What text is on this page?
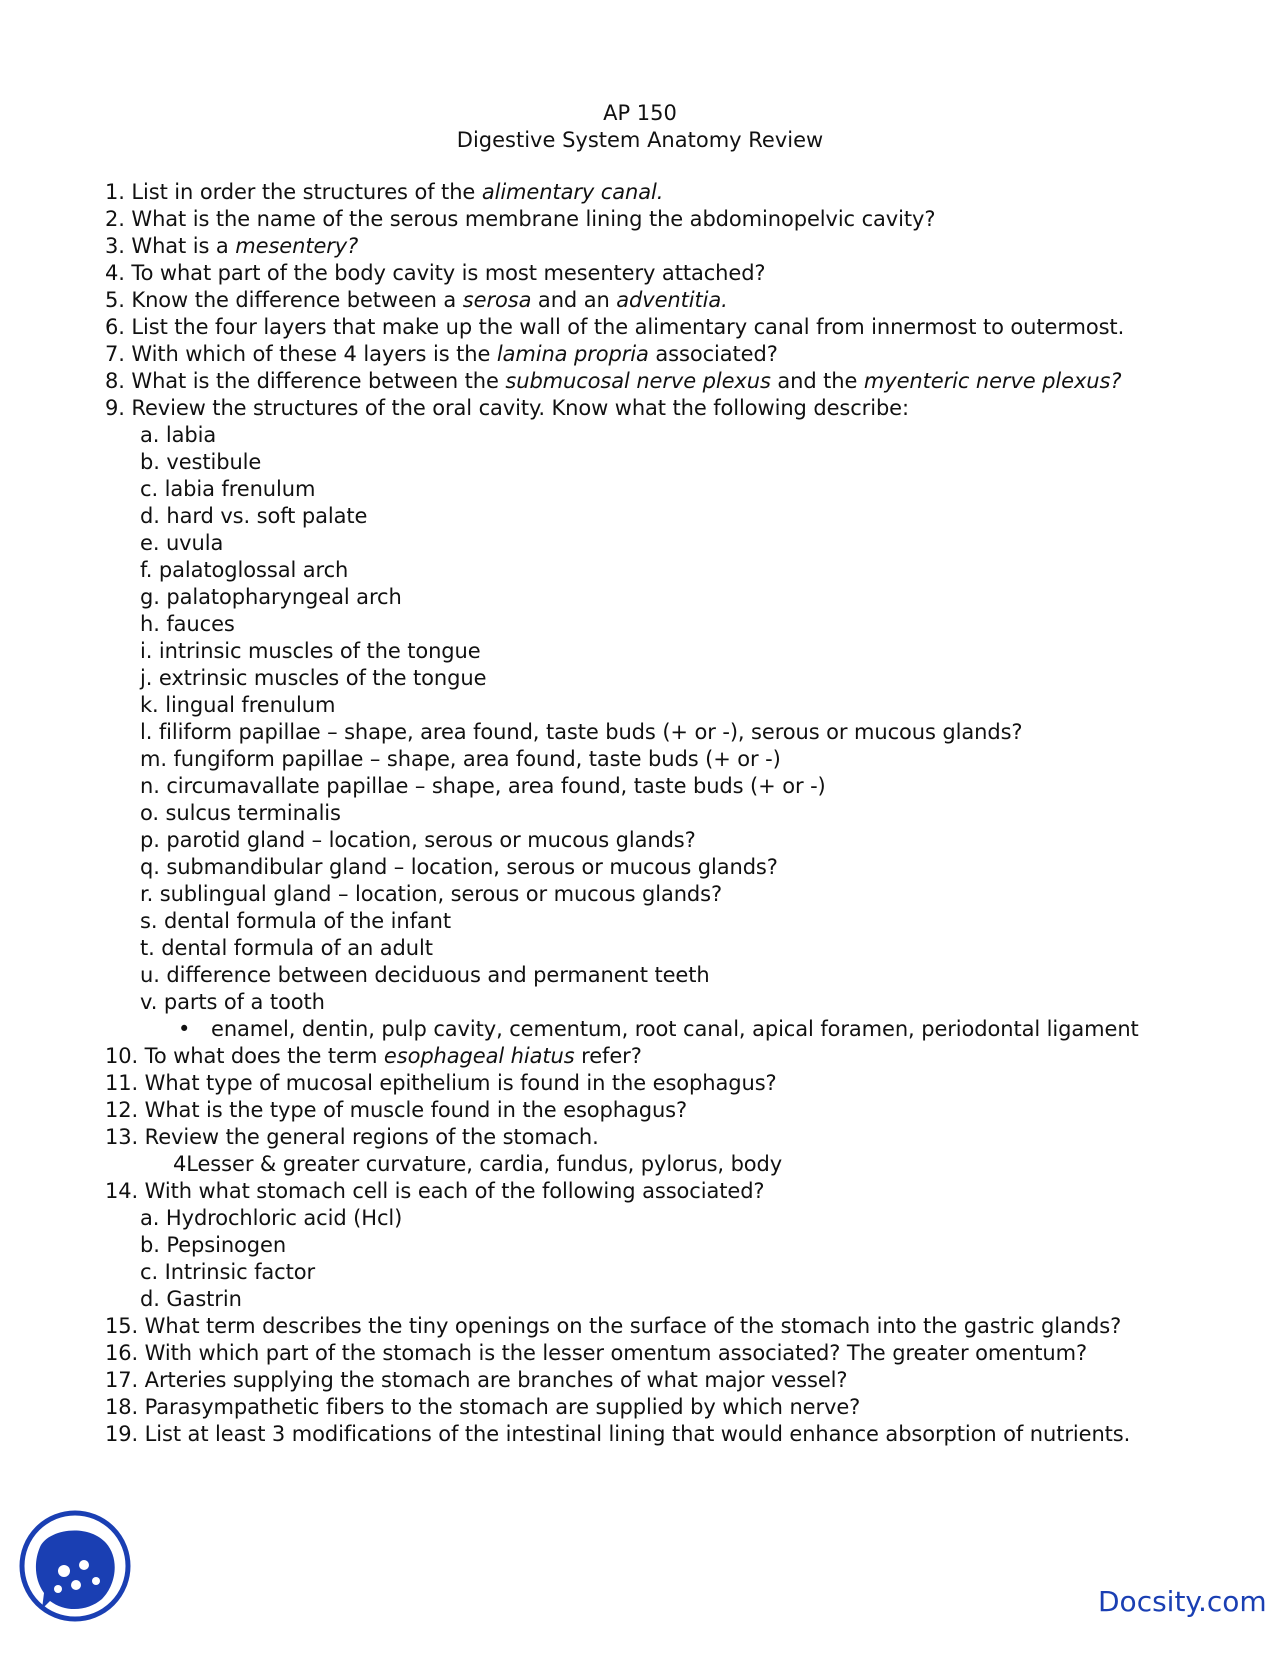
AP 150
Digestive System Anatomy Review
1. List in order the structures of the alimentary canal.
2. What is the name of the serous membrane lining the abdominopelvic cavity?
3. What is a mesentery?
4. To what part of the body cavity is most mesentery attached?
5. Know the difference between a serosa and an adventitia.
6. List the four layers that make up the wall of the alimentary canal from innermost to outermost.
7. With which of these 4 layers is the lamina propria associated?
8. What is the difference between the submucosal nerve plexus and the myenteric nerve plexus?
9. Review the structures of the oral cavity. Know what the following describe:
a. labia
b. vestibule
c. labia frenulum
d. hard vs. soft palate
e. uvula
f. palatoglossal arch
g. palatopharyngeal arch
h. fauces
i. intrinsic muscles of the tongue
j. extrinsic muscles of the tongue
k. lingual frenulum
l. filiform papillae – shape, area found, taste buds (+ or -), serous or mucous glands?
m. fungiform papillae – shape, area found, taste buds (+ or -)
n. circumavallate papillae – shape, area found, taste buds (+ or -)
o. sulcus terminalis
p. parotid gland – location, serous or mucous glands?
q. submandibular gland – location, serous or mucous glands?
r. sublingual gland – location, serous or mucous glands?
s. dental formula of the infant
t. dental formula of an adult
u. difference between deciduous and permanent teeth
v. parts of a tooth
• enamel, dentin, pulp cavity, cementum, root canal, apical foramen, periodontal ligament
10. To what does the term esophageal hiatus refer?
11. What type of mucosal epithelium is found in the esophagus?
12. What is the type of muscle found in the esophagus?
13. Review the general regions of the stomach.
4Lesser & greater curvature, cardia, fundus, pylorus, body
14. With what stomach cell is each of the following associated?
a. Hydrochloric acid (Hcl)
b. Pepsinogen
c. Intrinsic factor
d. Gastrin
15. What term describes the tiny openings on the surface of the stomach into the gastric glands?
16. With which part of the stomach is the lesser omentum associated? The greater omentum?
17. Arteries supplying the stomach are branches of what major vessel?
18. Parasympathetic fibers to the stomach are supplied by which nerve?
19. List at least 3 modifications of the intestinal lining that would enhance absorption of nutrients.
Docsity.com
